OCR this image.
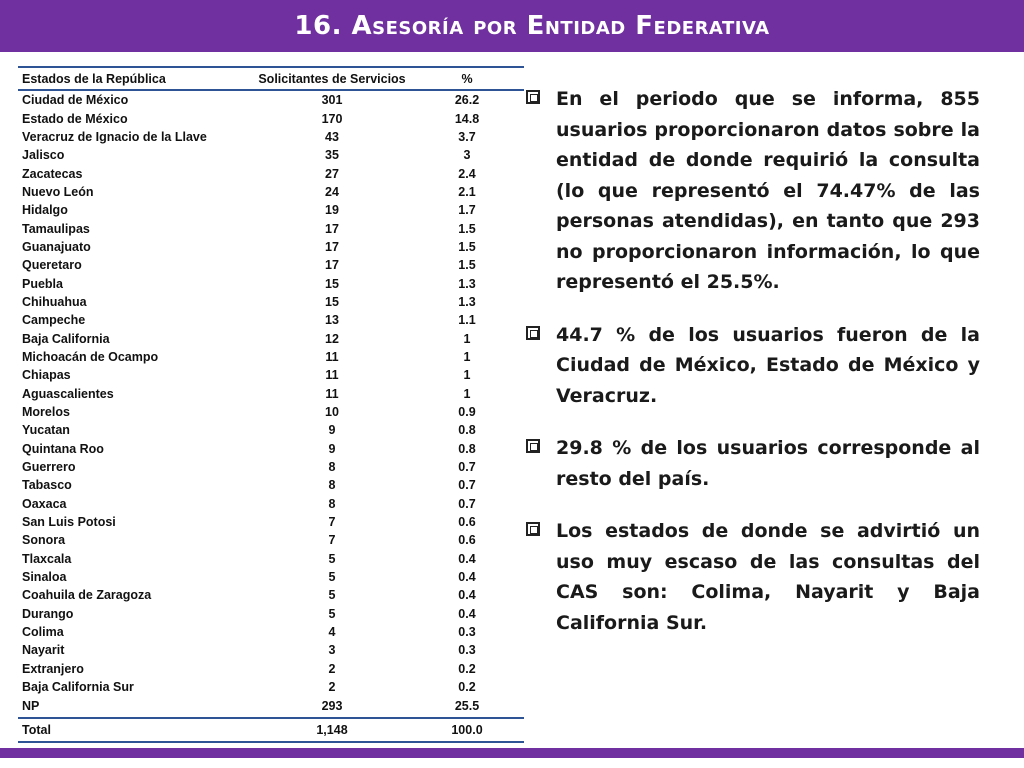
16. Asesoría por Entidad Federativa
Estados de la República	Solicitantes de Servicios	%
Ciudad de México	301	26.2
Estado de México	170	14.8
Veracruz de Ignacio de la Llave	43	3.7
Jalisco	35	3
Zacatecas	27	2.4
Nuevo León	24	2.1
Hidalgo	19	1.7
Tamaulipas	17	1.5
Guanajuato	17	1.5
Queretaro	17	1.5
Puebla	15	1.3
Chihuahua	15	1.3
Campeche	13	1.1
Baja California	12	1
Michoacán de Ocampo	11	1
Chiapas	11	1
Aguascalientes	11	1
Morelos	10	0.9
Yucatan	9	0.8
Quintana Roo	9	0.8
Guerrero	8	0.7
Tabasco	8	0.7
Oaxaca	8	0.7
San Luis Potosi	7	0.6
Sonora	7	0.6
Tlaxcala	5	0.4
Sinaloa	5	0.4
Coahuila de Zaragoza	5	0.4
Durango	5	0.4
Colima	4	0.3
Nayarit	3	0.3
Extranjero	2	0.2
Baja California Sur	2	0.2
NP	293	25.5
Total	1,148	100.0
En el periodo que se informa, 855 usuarios proporcionaron datos sobre la entidad de donde requirió la consulta (lo que representó el 74.47% de las personas atendidas), en tanto que 293 no proporcionaron información, lo que representó el 25.5%.
44.7 % de los usuarios fueron de la Ciudad de México, Estado de México y Veracruz.
29.8 % de los usuarios corresponde al resto del país.
Los estados de donde se advirtió un uso muy escaso de las consultas del CAS son: Colima, Nayarit y Baja California Sur.
